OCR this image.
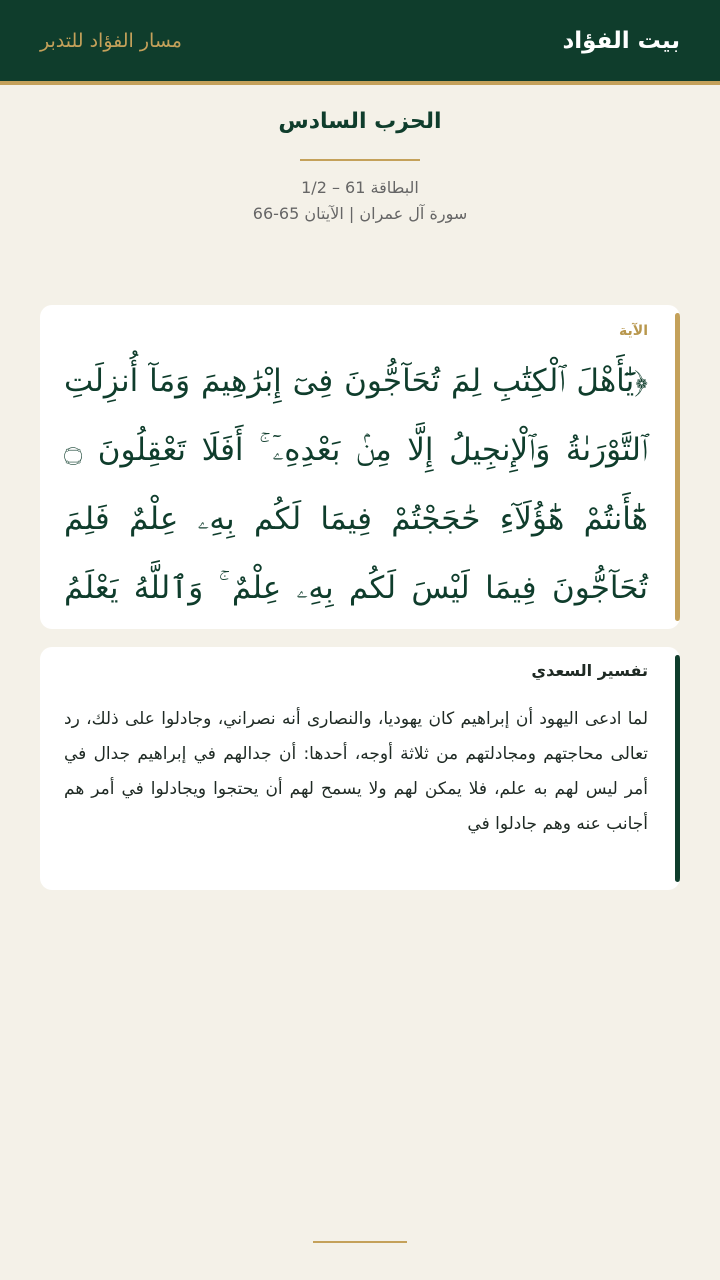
بيت الفؤاد
مسار الفؤاد للتدبر
الحزب السادس
البطاقة 61 – 1/2
سورة آل عمران | الآيتان 65-66
الآية
﴿يَٰٓأَهْلَ ٱلْكِتَٰبِ لِمَ تُحَآجُّونَ فِىٓ إِبْرَٰهِيمَ وَمَآ أُنزِلَتِ ٱلتَّوْرَىٰةُ وَٱلْإِنجِيلُ إِلَّا مِنۢ بَعْدِهِۦٓ ۚ أَفَلَا تَعْقِلُونَ ۝ هَٰٓأَنتُمْ هَٰٓؤُلَآءِ حَٰجَجْتُمْ فِيمَا لَكُم بِهِۦ عِلْمٌ فَلِمَ تُحَآجُّونَ فِيمَا لَيْسَ لَكُم بِهِۦ عِلْمٌ ۚ وَٱللَّهُ يَعْلَمُ
تفسير السعدي
لما ادعى اليهود أن إبراهيم كان يهوديا، والنصارى أنه نصراني، وجادلوا على ذلك، رد تعالى محاجتهم ومجادلتهم من ثلاثة أوجه، أحدها: أن جدالهم في إبراهيم جدال في أمر ليس لهم به علم، فلا يمكن لهم ولا يسمح لهم أن يحتجوا ويجادلوا في أمر هم أجانب عنه وهم جادلوا في
